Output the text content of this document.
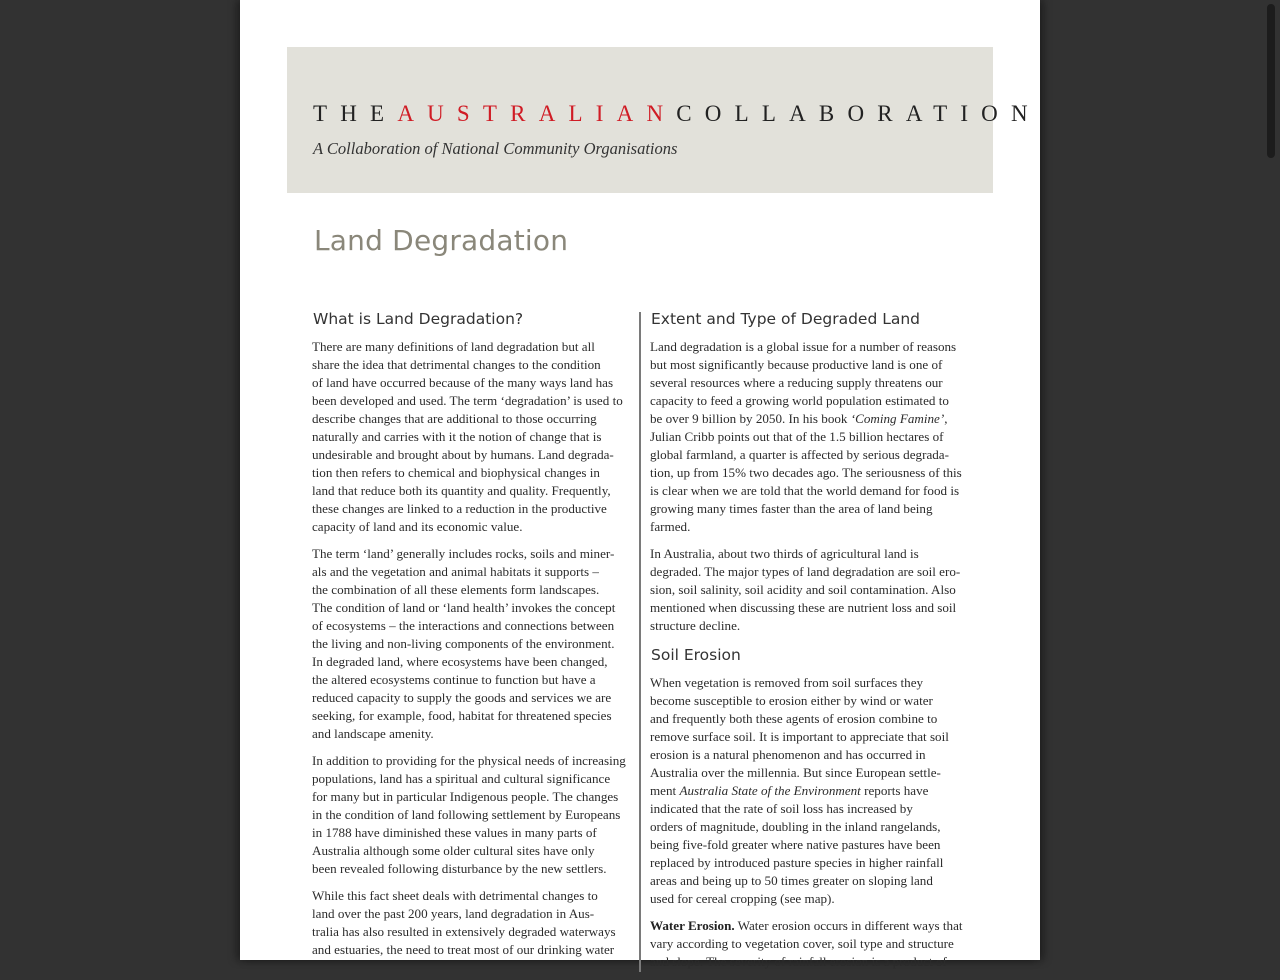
THEAUSTRALIANCOLLABORATION
A Collaboration of National Community Organisations
Land Degradation
What is Land Degradation?

There are many definitions of land degradation but all
share the idea that detrimental changes to the condition
of land have occurred because of the many ways land has
been developed and used. The term ‘degradation’ is used to
describe changes that are additional to those occurring
naturally and carries with it the notion of change that is
undesirable and brought about by humans. Land degrada-
tion then refers to chemical and biophysical changes in
land that reduce both its quantity and quality. Frequently,
these changes are linked to a reduction in the productive
capacity of land and its economic value.

The term ‘land’ generally includes rocks, soils and miner-
als and the vegetation and animal habitats it supports –
the combination of all these elements form landscapes.
The condition of land or ‘land health’ invokes the concept
of ecosystems – the interactions and connections between
the living and non-living components of the environment.
In degraded land, where ecosystems have been changed,
the altered ecosystems continue to function but have a
reduced capacity to supply the goods and services we are
seeking, for example, food, habitat for threatened species
and landscape amenity.

In addition to providing for the physical needs of increasing
populations, land has a spiritual and cultural significance
for many but in particular Indigenous people. The changes
in the condition of land following settlement by Europeans
in 1788 have diminished these values in many parts of
Australia although some older cultural sites have only
been revealed following disturbance by the new settlers.

While this fact sheet deals with detrimental changes to
land over the past 200 years, land degradation in Aus-
tralia has also resulted in extensively degraded waterways
and estuaries, the need to treat most of our drinking water

Extent and Type of Degraded Land

Land degradation is a global issue for a number of reasons
but most significantly because productive land is one of
several resources where a reducing supply threatens our
capacity to feed a growing world population estimated to
be over 9 billion by 2050. In his book ‘Coming Famine’,
Julian Cribb points out that of the 1.5 billion hectares of
global farmland, a quarter is affected by serious degrada-
tion, up from 15% two decades ago. The seriousness of this
is clear when we are told that the world demand for food is
growing many times faster than the area of land being
farmed.

In Australia, about two thirds of agricultural land is
degraded. The major types of land degradation are soil ero-
sion, soil salinity, soil acidity and soil contamination. Also
mentioned when discussing these are nutrient loss and soil
structure decline.

Soil Erosion

When vegetation is removed from soil surfaces they
become susceptible to erosion either by wind or water
and frequently both these agents of erosion combine to
remove surface soil. It is important to appreciate that soil
erosion is a natural phenomenon and has occurred in
Australia over the millennia. But since European settle-
ment Australia State of the Environment reports have
indicated that the rate of soil loss has increased by
orders of magnitude, doubling in the inland rangelands,
being five-fold greater where native pastures have been
replaced by introduced pasture species in higher rainfall
areas and being up to 50 times greater on sloping land
used for cereal cropping (see map).

Water Erosion. Water erosion occurs in different ways that
vary according to vegetation cover, soil type and structure
and slope. The severity of rainfall erosion is a product of
